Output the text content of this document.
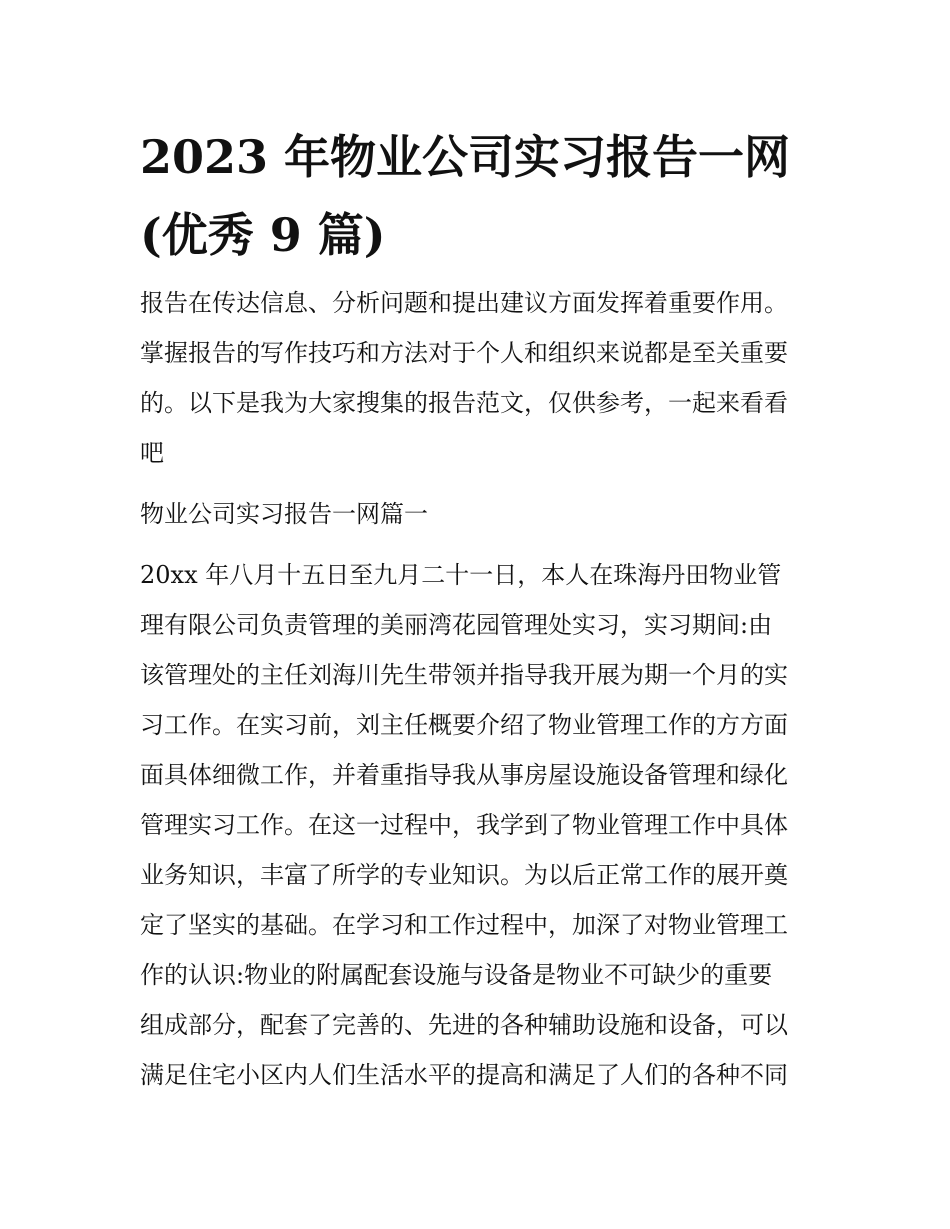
2023 年物业公司实习报告一网
(优秀 9 篇)
报告在传达信息、分析问题和提出建议方面发挥着重要作用。
掌握报告的写作技巧和方法对于个人和组织来说都是至关重要
的。以下是我为大家搜集的报告范文，仅供参考，一起来看看
吧
物业公司实习报告一网篇一
20xx 年八月十五日至九月二十一日，本人在珠海丹田物业管
理有限公司负责管理的美丽湾花园管理处实习，实习期间:由
该管理处的主任刘海川先生带领并指导我开展为期一个月的实
习工作。在实习前，刘主任概要介绍了物业管理工作的方方面
面具体细微工作，并着重指导我从事房屋设施设备管理和绿化
管理实习工作。在这一过程中，我学到了物业管理工作中具体
业务知识，丰富了所学的专业知识。为以后正常工作的展开奠
定了坚实的基础。在学习和工作过程中，加深了对物业管理工
作的认识:物业的附属配套设施与设备是物业不可缺少的重要
组成部分，配套了完善的、先进的各种辅助设施和设备，可以
满足住宅小区内人们生活水平的提高和满足了人们的各种不同
